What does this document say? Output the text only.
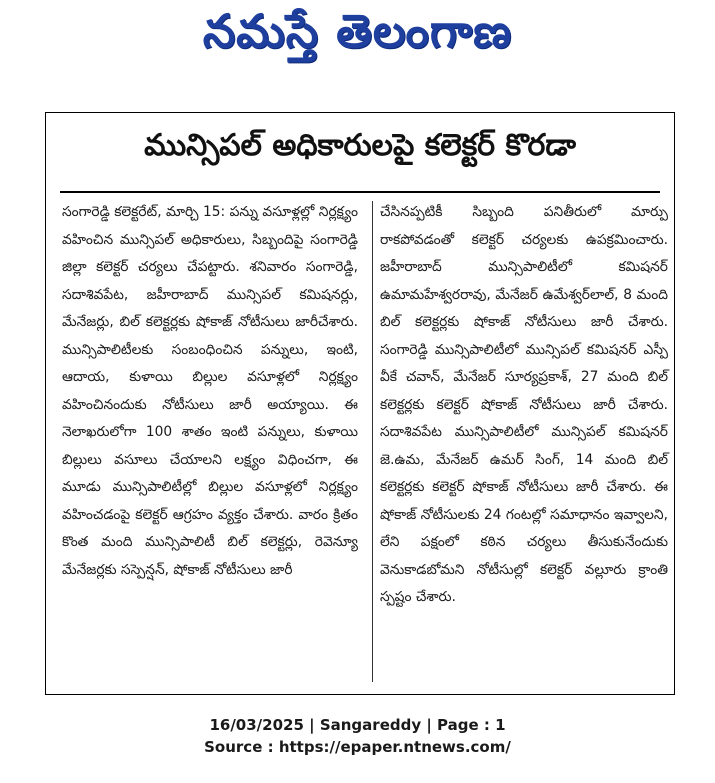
నమస్తే తెలంగాణ
మున్సిపల్ అధికారులపై కలెక్టర్ కొరడా
సంగారెడ్డి కలెక్టరేట్, మార్చి 15: పన్ను వసూళ్లల్లో నిర్లక్ష్యం వహించిన మున్సిపల్ అధికారులు, సిబ్బందిపై సంగారెడ్డి జిల్లా కలెక్టర్ చర్యలు చేపట్టారు. శనివారం సంగారెడ్డి, సదాశివపేట, జహీరాబాద్ మున్సిపల్ కమిషనర్లు, మేనేజర్లు, బిల్ కలెక్టర్లకు షోకాజ్ నోటీసులు జారీచేశారు. మున్సిపాలిటీలకు సంబంధించిన పన్నులు, ఇంటి, ఆదాయ, కుళాయి బిల్లుల వసూళ్లలో నిర్లక్ష్యం వహించినందుకు నోటీసులు జారీ అయ్యాయి. ఈ నెలాఖరులోగా 100 శాతం ఇంటి పన్నులు, కుళాయి బిల్లులు వసూలు చేయాలని లక్ష్యం విధించగా, ఈ మూడు మున్సిపాలిటీల్లో బిల్లుల వసూళ్లలో నిర్లక్ష్యం వహించడంపై కలెక్టర్ ఆగ్రహం వ్యక్తం చేశారు. వారం క్రితం కొంత మంది మున్సిపాలిటీ బిల్ కలెక్టర్లు, రెవెన్యూ మేనేజర్లకు సస్పెన్షన్, షోకాజ్ నోటీసులు జారీ
చేసినప్పటికీ సిబ్బంది పనితీరులో మార్పు రాకపోవడంతో కలెక్టర్ చర్యలకు ఉపక్రమించారు. జహీరాబాద్ మున్సిపాలిటీలో కమిషనర్ ఉమామహేశ్వరరావు, మేనేజర్ ఉమేశ్వర్‌లాల్, 8 మంది బిల్ కలెక్టర్లకు షోకాజ్ నోటీసులు జారీ చేశారు. సంగారెడ్డి మున్సిపాలిటీలో మున్సిపల్ కమిషనర్ ఎస్పీ వీకే చవాన్, మేనేజర్ సూర్యప్రకాశ్, 27 మంది బిల్ కలెక్టర్లకు కలెక్టర్ షోకాజ్ నోటీసులు జారీ చేశారు. సదాశివపేట మున్సిపాలిటీలో మున్సిపల్ కమిషనర్ జె.ఉమ, మేనేజర్ ఉమర్ సింగ్, 14 మంది బిల్ కలెక్టర్లకు కలెక్టర్ షోకాజ్ నోటీసులు జారీ చేశారు. ఈ షోకాజ్ నోటీసులకు 24 గంటల్లో సమాధానం ఇవ్వాలని, లేని పక్షంలో కఠిన చర్యలు తీసుకునేందుకు వెనుకాడబోమని నోటీసుల్లో కలెక్టర్ వల్లూరు క్రాంతి స్పష్టం చేశారు.
16/03/2025 | Sangareddy | Page : 1
Source : https://epaper.ntnews.com/
